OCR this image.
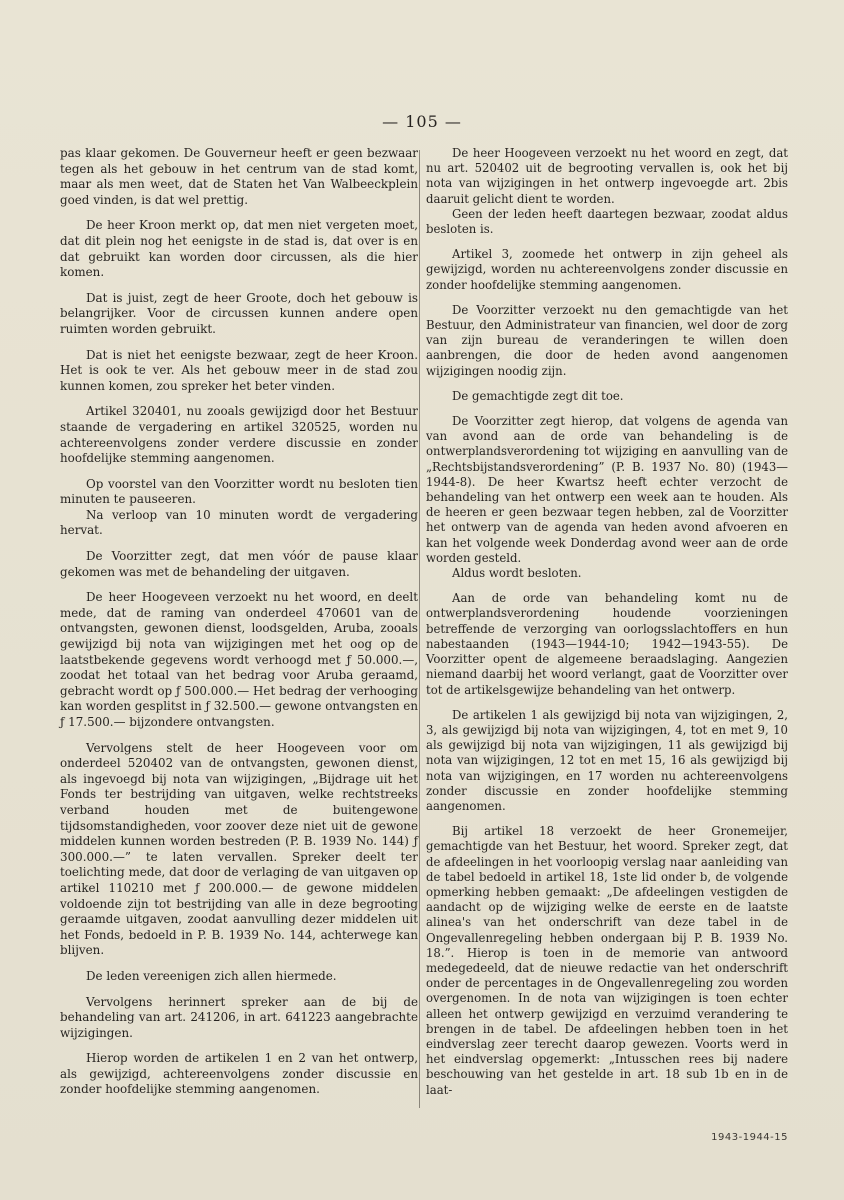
— 105 —

pas klaar gekomen. De Gouverneur heeft er geen bezwaar tegen als het gebouw in het centrum van de stad komt, maar als men weet, dat de Staten het Van Walbeeckplein goed vinden, is dat wel prettig.

De heer Kroon merkt op, dat men niet vergeten moet, dat dit plein nog het eenigste in de stad is, dat over is en dat gebruikt kan worden door circussen, als die hier komen.

Dat is juist, zegt de heer Groote, doch het gebouw is belangrijker. Voor de circussen kunnen andere open ruimten worden gebruikt.

Dat is niet het eenigste bezwaar, zegt de heer Kroon. Het is ook te ver. Als het gebouw meer in de stad zou kunnen komen, zou spreker het beter vinden.

Artikel 320401, nu zooals gewijzigd door het Bestuur staande de vergadering en artikel 320525, worden nu achtereenvolgens zonder verdere discussie en zonder hoofdelijke stemming aangenomen.

Op voorstel van den Voorzitter wordt nu besloten tien minuten te pauseeren.

Na verloop van 10 minuten wordt de vergadering hervat.

De Voorzitter zegt, dat men vóór de pause klaar gekomen was met de behandeling der uitgaven.

De heer Hoogeveen verzoekt nu het woord, en deelt mede, dat de raming van onderdeel 470601 van de ontvangsten, gewonen dienst, loodsgelden, Aruba, zooals gewijzigd bij nota van wijzigingen met het oog op de laatstbekende gegevens wordt verhoogd met ƒ 50.000.—, zoodat het totaal van het bedrag voor Aruba geraamd, gebracht wordt op ƒ 500.000.— Het bedrag der verhooging kan worden gesplitst in ƒ 32.500.— gewone ontvangsten en ƒ 17.500.— bijzondere ontvangsten.

Vervolgens stelt de heer Hoogeveen voor om onderdeel 520402 van de ontvangsten, gewonen dienst, als ingevoegd bij nota van wijzigingen, „Bijdrage uit het Fonds ter bestrijding van uitgaven, welke rechtstreeks verband houden met de buitengewone tijdsomstandigheden, voor zoover deze niet uit de gewone middelen kunnen worden bestreden (P. B. 1939 No. 144) ƒ 300.000.—” te laten vervallen. Spreker deelt ter toelichting mede, dat door de verlaging de van uitgaven op artikel 110210 met ƒ 200.000.— de gewone middelen voldoende zijn tot bestrijding van alle in deze begrooting geraamde uitgaven, zoodat aanvulling dezer middelen uit het Fonds, bedoeld in P. B. 1939 No. 144, achterwege kan blijven.

De leden vereenigen zich allen hiermede.

Vervolgens herinnert spreker aan de bij de behandeling van art. 241206, in art. 641223 aangebrachte wijzigingen.

Hierop worden de artikelen 1 en 2 van het ontwerp, als gewijzigd, achtereenvolgens zonder discussie en zonder hoofdelijke stemming aangenomen.

De heer Hoogeveen verzoekt nu het woord en zegt, dat nu art. 520402 uit de begrooting vervallen is, ook het bij nota van wijzigingen in het ontwerp ingevoegde art. 2bis daaruit gelicht dient te worden.

Geen der leden heeft daartegen bezwaar, zoodat aldus besloten is.

Artikel 3, zoomede het ontwerp in zijn geheel als gewijzigd, worden nu achtereenvolgens zonder discussie en zonder hoofdelijke stemming aangenomen.

De Voorzitter verzoekt nu den gemachtigde van het Bestuur, den Administrateur van financien, wel door de zorg van zijn bureau de veranderingen te willen doen aanbrengen, die door de heden avond aangenomen wijzigingen noodig zijn.

De gemachtigde zegt dit toe.

De Voorzitter zegt hierop, dat volgens de agenda van van avond aan de orde van behandeling is de ontwerplandsverordening tot wijziging en aanvulling van de „Rechtsbijstandsverordening” (P. B. 1937 No. 80) (1943—1944-8). De heer Kwartsz heeft echter verzocht de behandeling van het ontwerp een week aan te houden. Als de heeren er geen bezwaar tegen hebben, zal de Voorzitter het ontwerp van de agenda van heden avond afvoeren en kan het volgende week Donderdag avond weer aan de orde worden gesteld.

Aldus wordt besloten.

Aan de orde van behandeling komt nu de ontwerplandsverordening houdende voorzieningen betreffende de verzorging van oorlogsslachtoffers en hun nabestaanden (1943—1944-10; 1942—1943-55). De Voorzitter opent de algemeene beraadslaging. Aangezien niemand daarbij het woord verlangt, gaat de Voorzitter over tot de artikelsgewijze behandeling van het ontwerp.

De artikelen 1 als gewijzigd bij nota van wijzigingen, 2, 3, als gewijzigd bij nota van wijzigingen, 4, tot en met 9, 10 als gewijzigd bij nota van wijzigingen, 11 als gewijzigd bij nota van wijzigingen, 12 tot en met 15, 16 als gewijzigd bij nota van wijzigingen, en 17 worden nu achtereenvolgens zonder discussie en zonder hoofdelijke stemming aangenomen.

Bij artikel 18 verzoekt de heer Gronemeijer, gemachtigde van het Bestuur, het woord. Spreker zegt, dat de afdeelingen in het voorloopig verslag naar aanleiding van de tabel bedoeld in artikel 18, 1ste lid onder b, de volgende opmerking hebben gemaakt: „De afdeelingen vestigden de aandacht op de wijziging welke de eerste en de laatste alinea's van het onderschrift van deze tabel in de Ongevallenregeling hebben ondergaan bij P. B. 1939 No. 18.”. Hierop is toen in de memorie van antwoord medegedeeld, dat de nieuwe redactie van het onderschrift onder de percentages in de Ongevallenregeling zou worden overgenomen. In de nota van wijzigingen is toen echter alleen het ontwerp gewijzigd en verzuimd verandering te brengen in de tabel. De afdeelingen hebben toen in het eindverslag zeer terecht daarop gewezen. Voorts werd in het eindverslag opgemerkt: „Intusschen rees bij nadere beschouwing van het gestelde in art. 18 sub 1b en in de laat-

1943-1944-15
